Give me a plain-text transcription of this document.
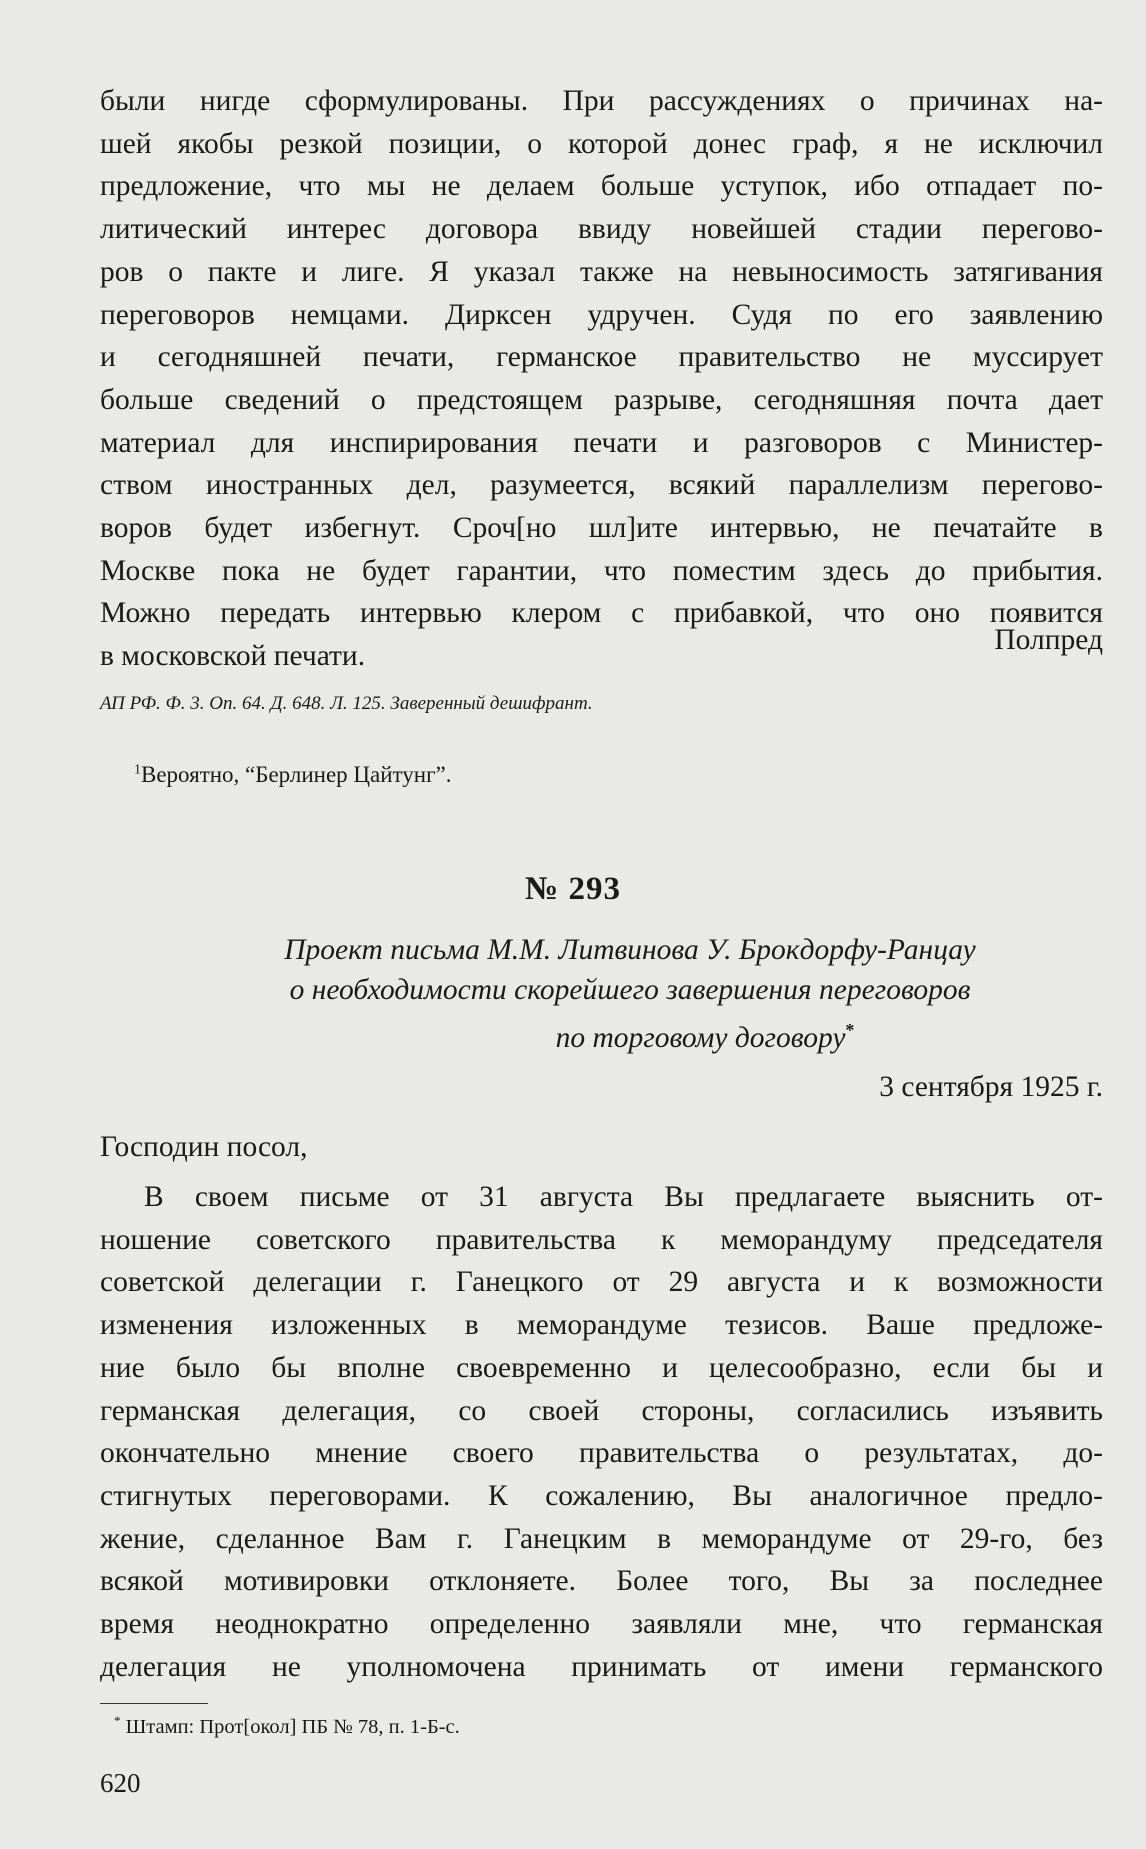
были нигде сформулированы. При рассуждениях о причинах на-
шей якобы резкой позиции, о которой донес граф, я не исключил
предложение, что мы не делаем больше уступок, ибо отпадает по-
литический интерес договора ввиду новейшей стадии перегово-
ров о пакте и лиге. Я указал также на невыносимость затягивания
переговоров немцами. Дирксен удручен. Судя по его заявлению
и сегодняшней печати, германское правительство не муссирует
больше сведений о предстоящем разрыве, сегодняшняя почта дает
материал для инспирирования печати и разговоров с Министер-
ством иностранных дел, разумеется, всякий параллелизм перегово-
воров будет избегнут. Сроч[но шл]ите интервью, не печатайте в
Москве пока не будет гарантии, что поместим здесь до прибытия.
Можно передать интервью клером с прибавкой, что оно появится
в московской печати.
Полпред
АП РФ. Ф. 3. Оп. 64. Д. 648. Л. 125. Заверенный дешифрант.
$^1$Вероятно, “Берлинер Цайтунг”.
№ 293
Проект письма М.М. Литвинова У. Брокдорфу-Ранцау
о необходимости скорейшего завершения переговоров
по торговому договору*
3 сентября 1925 г.
Господин посол,
В своем письме от 31 августа Вы предлагаете выяснить от-
ношение советского правительства к меморандуму председателя
советской делегации г. Ганецкого от 29 августа и к возможности
изменения изложенных в меморандуме тезисов. Ваше предложе-
ние было бы вполне своевременно и целесообразно, если бы и
германская делегация, со своей стороны, согласились изъявить
окончательно мнение своего правительства о результатах, до-
стигнутых переговорами. К сожалению, Вы аналогичное предло-
жение, сделанное Вам г. Ганецким в меморандуме от 29-го, без
всякой мотивировки отклоняете. Более того, Вы за последнее
время неоднократно определенно заявляли мне, что германская
делегация не уполномочена принимать от имени германского
* Штамп: Прот[окол] ПБ № 78, п. 1-Б-с.
620
